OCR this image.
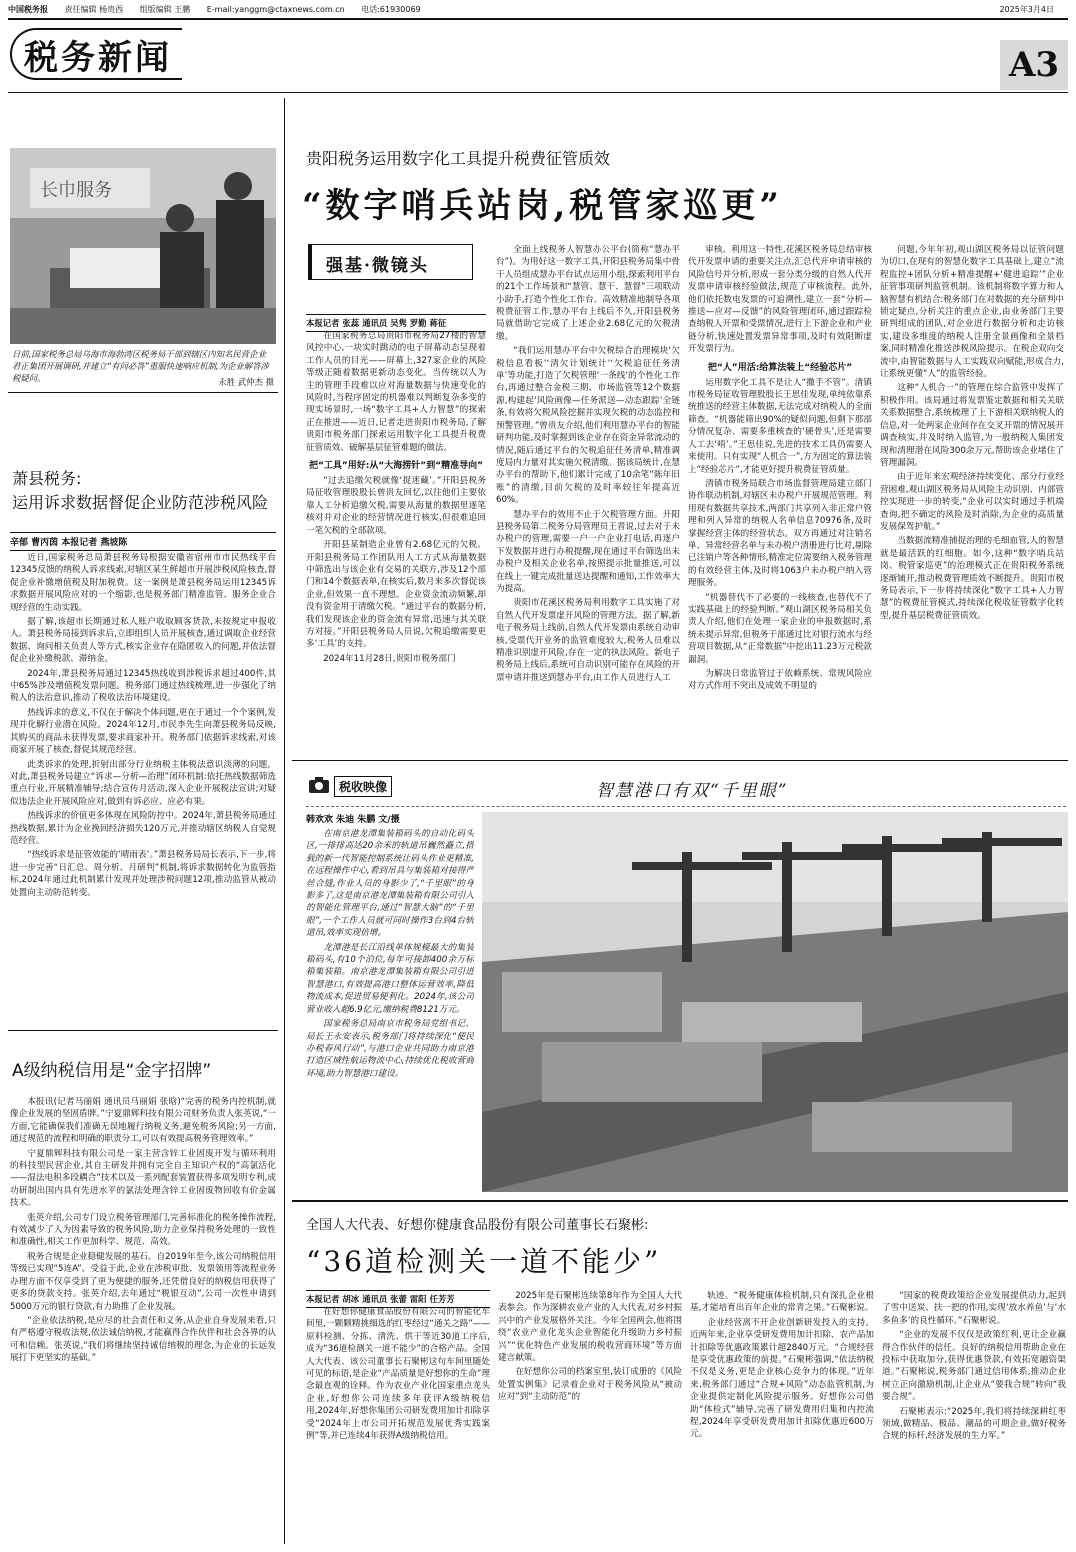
中国税务报 责任编辑 杨贵西 组版编辑 王鹏 E-mail:yanggm@ctaxnews.com.cn 电话:61930069	2025年3月4日
税务新闻	A3
长巾服务
日前,国家税务总局乌海市海勃湾区税务局干部到辖区内知名民营企业君正集团开展调研,并建立“有问必答”重服快速响应机制,为企业解答涉税疑问。	永胜 武仲杰 摄
萧县税务:
运用诉求数据督促企业防范涉税风险
辛郁 曹丙茵 本报记者 燕坡陈

近日,国家税务总局萧县税务局根据安徽省宿州市市民热线平台12345反馈的纳税人诉求线索,对辖区某生鲜超市开展涉税风险核查,督促企业补缴增值税及附加税费。这一案例是萧县税务局运用12345诉求数据开展风险应对的一个缩影,也是税务部门精准监管、服务企业合规经营的生动实践。

据了解,该超市长期通过私人账户收取顾客货款,未按规定申报收入。萧县税务局接到诉求后,立即组织人员开展核查,通过调取企业经营数据、询问相关负责人等方式,核实企业存在隐匿收入的问题,并依法督促企业补缴税款、滞纳金。

2024年,萧县税务局通过12345热线收到涉税诉求超过400件,其中65%涉及增值税发票问题。税务部门通过热线梳理,进一步强化了纳税人的法治意识,推动了税收法治环境建设。

热线诉求的意义,不仅在于解决个体问题,更在于通过一个个案例,发现并化解行业潜在风险。2024年12月,市民李先生向萧县税务局反映,其购买的商品未获得发票,要求商家补开。税务部门依据诉求线索,对该商家开展了核查,督促其规范经营。

此类诉求的处理,折射出部分行业纳税主体税法意识淡薄的问题。对此,萧县税务局建立“诉求—分析—治理”闭环机制:依托热线数据筛选重点行业,开展精准辅导;结合宣传月活动,深入企业开展税法宣讲;对疑似违法企业开展风险应对,做到有诉必应、应必有果。

热线诉求的价值更多体现在风险防控中。2024年,萧县税务局通过热线数据,累计为企业挽回经济损失120万元,并推动辖区纳税人自觉规范经营。

“热线诉求是征管效能的‘晴雨表’。”萧县税务局局长表示,下一步,将进一步完善“日汇总、周分析、月研判”机制,将诉求数据转化为监管指标,2024年通过此机制累计发现并处理涉税问题12项,推动监管从被动处置向主动防范转变。

A级纳税信用是“金字招牌”

本报讯(记者马丽娟 通讯员马丽娟 张晗)“完善的税务内控机制,就像企业发展的坚固盾牌。”宁夏鼎辉科技有限公司财务负责人张英说,“一方面,它能确保我们准确无误地履行纳税义务,避免税务风险;另一方面,通过规范的流程和明确的职责分工,可以有效提高税务管理效率。”

宁夏鼎辉科技有限公司是一家主营含锌工业固废开发与循环利用的科技型民营企业,其自主研发并拥有完全自主知识产权的“高氯活化——湿法电积多段耦合”技术以及一系列配套装置获得多项发明专利,成功研制出国内具有先进水平的氯法处理含锌工业固废物回收有价金属技术。

张英介绍,公司专门设立税务管理部门,完善标准化的税务操作流程,有效减少了人为因素导致的税务风险,助力企业保持税务处理的一致性和准确性,相关工作更加科学、规范、高效。

税务合规是企业稳健发展的基石。自2019年至今,该公司纳税信用等级已实现“5连A”。受益于此,企业在涉税审批、发票领用等流程业务办理方面不仅享受到了更为便捷的服务,还凭借良好的纳税信用获得了更多的贷款支持。张英介绍,去年通过“税银互动”,公司一次性申请到5000万元的银行贷款,有力助推了企业发展。

“企业依法纳税,是应尽的社会责任和义务,从企业自身发展来看,只有严格遵守税收法规,依法诚信纳税,才能赢得合作伙伴和社会各界的认可和信赖。张英说,“我们将继续坚持诚信纳税的理念,为企业的长远发展打下更坚实的基础。”

贵阳税务运用数字化工具提升税费征管质效
“数字哨兵站岗,税管家巡更”
强基·微镜头
本报记者 张蕊 通讯员 吴隽 罗勤 蒋征

在国家税务总局贵阳市税务局27楼的智慧风控中心,一块实时跳动的电子屏幕动态呈现着工作人员的目光——屏幕上,327家企业的风险等级正随着数据更新动态变化。当传统以人为主的管理手段难以应对海量数据与快速变化的风险时,当程序固定的机器难以判断复杂多变的现实场景时,一场“数字工具+人力智慧”的探索正在推进——近日,记者走进贵阳市税务局,了解贵阳市税务部门探索运用数字化工具提升税费征管质效、破解基层征管难题的做法。

把“工具”用好:从“大海捞针”到“精准导向”

“过去追缴欠税就像‘捉迷藏’。”开阳县税务局征收管理股股长曾贵友回忆,以往他们主要依靠人工分析追缴欠税,需要从海量的数据里逐笔核对并对企业的经营情况进行核实,但很难追回一笔欠税的全部款项。

开阳县某制造企业曾有2.68亿元的欠税。开阳县税务局工作团队用人工方式从海量数据中筛选出与该企业有交易的关联方,涉及12个部门和14个数据表单,在核实后,数月来多次督促该企业,但效果一直不理想。企业资金流动频繁,却没有资金用于清缴欠税。“通过平台的数据分析,我们发现该企业的资金流有异常,迅速与其关联方对接。”开阳县税务局人员说,欠税追缴需要更多‘工具’的支持。

2024年11月28日,贵阳市税务部门

全面上线税务人智慧办公平台(简称“慧办平台”)。为用好这一数字工具,开阳县税务局集中骨干人员组成慧办平台试点运用小组,探索利用平台的21个工作场景和“慧管、慧干、慧督”三项联动小助手,打造个性化工作台。高效精准地制导各项税费征管工作,慧办平台上线后不久,开阳县税务局就借助它完成了上述企业2.68亿元的欠税清缴。

“我们运用慧办平台中欠税综合治理模块‘欠税信息看板’‘清欠计划统计’‘欠税追征任务清单’等功能,打造了欠税管理‘一条线’的个性化工作台,再通过整合金税三期、市场监管等12个数据源,构建起‘风险画像—任务派送—动态跟踪’全链条,有效将欠税风险挖掘并实现欠税的动态监控和预警管理。”曾贵友介绍,他们利用慧办平台的智能研判功能,及时掌握到该企业存在资金异常流动的情况,随后通过平台的欠税追征任务清单,精准调度局内力量对其实施欠税清缴。据该局统计,在慧办平台的帮助下,他们累计完成了10余笔“陈年旧账”的清缴,目前欠税的及时率较往年提高近60%。

慧办平台的效用不止于欠税管理方面。开阳县税务局第二税务分局管理员王晋说,过去对于未办税户的管理,需要一户一户企业打电话,再逐户下发数据并进行办税提醒,现在通过平台筛选出未办税户及相关企业名单,按照提示批量推送,可以在线上一键完成批量送达提醒和通知,工作效率大为提高。

贵阳市花溪区税务局利用数字工具实施了对自然人代开发票虚开风险的管理方法。据了解,新电子税务局上线前,自然人代开发票由系统自动审核,受票代开业务的监管难度较大,税务人员难以精准识别虚开风险,存在一定的执法风险。新电子税务局上线后,系统可自动识别可能存在风险的开票申请并推送到慧办平台,由工作人员进行人工

审核。利用这一特性,花溪区税务局总结审核代开发票申请的重要关注点,汇总代开申请审核的风险信号并分析,形成一套分类分级的自然人代开发票申请审核经验做法,规范了审核流程。此外,他们依托数电发票的可追溯性,建立一套“分析—推送—应对—反馈”的风险管理闭环,通过跟踪检查纳税人开票和受票情况,进行上下游企业和产业链分析,快速处置发票异常事项,及时有效阻断虚开发票行为。

把“人”用活:给算法装上“经验芯片”

运用数字化工具不是让人“撒手不管”。清镇市税务局征收管理股股长王思佳发现,单纯依靠系统推送的经营主体数据,无法完成对纳税人的全面筛查。“机器能筛出90%的疑似问题,但剩下那部分情况复杂、需要多重核查的‘硬骨头’,还是需要人工去‘啃’。”王思佳说,先进的技术工具仍需要人来使用。只有实现“人机合一”,方为固定的算法装上“经验芯片”,才能更好提升税费征管质量。

清镇市税务局联合市场监督管理局建立部门协作联动机制,对辖区未办税户开展规范管理。利用现有数据共享技术,两部门共享列入非正常户管理和列入异常的纳税人名单信息70976条,及时掌握经营主体的经营状态。双方再通过对注销名单、异常经营名单与未办税户清册进行比对,剔除已注销户等各种情形,精准定位需要纳入税务管理的有效经营主体,及时将1063户未办税户纳入管理服务。

“机器替代不了必要的一线核查,也替代不了实践基础上的经验判断。”观山湖区税务局相关负责人介绍,他们在处理一家企业的申报数据时,系统未提示异常,但税务干部通过比对银行流水与经营项目数据,从“正常数据”中挖出11.23万元税款漏洞。

为解决日常监管过于依赖系统、常规风险应对方式作用不突出及成效不明显的

问题,今年年初,观山湖区税务局以征管问题为切口,在现有的智慧化数字工具基础上,建立“流程监控+团队分析+精准提醒+‘健进追踪’”企业征管事项研判监管机制。该机制将数字算力和人脑智慧有机结合:税务部门在对数据的充分研判中锁定疑点,分析关注的重点企业,由业务部门主要研判组成的团队,对企业进行数据分析和走访核实,建设多维度的纳税人注册全景画像和全景档案,同时精准化推送涉税风险提示。在税企双向交流中,由智能数据与人工实践双向赋能,形成合力,让系统更懂“人”的监管经验。

这种“人机合一”的管理在综合监管中发挥了积极作用。该局通过将发票鉴定数据和相关关联关系数据整合,系统梳理了上下游相关联纳税人的信息,对一处两家企业间存在交叉开票的情况展开调查核实,并及时纳入监管,为一般纳税人集团发现和清理潜在风险300余万元,帮助该企业堵住了管理漏洞。

由于近年来宏观经济持续变化、部分行业经营困难,观山湖区税务局从风险主动识别、内部管控实现进一步的转变,“企业可以实时通过手机端查询,把不确定的风险及时消除,为企业的高质量发展保驾护航。”

当数据流精准捕捉治理的毛细血管,人的智慧就是最活跃的红细胞。如今,这种“数字哨兵站岗、税管家巡更”的治理模式正在贵阳税务系统逐渐铺开,推动税费管理质效不断提升。贵阳市税务局表示,下一步将持续深化“数字工具+人力智慧”的税费征管模式,持续深化税收征管数字化转型,提升基层税费征管质效。

税收映像	智慧港口有双“千里眼”
韩欢欢 朱迪 朱鹏 文/摄

在南京港龙潭集装箱码头的自动化码头区,一排排高达20余米的轨道吊巍然矗立,搭载的新一代智能控制系统让码头作业更精准,在远程操作中心,看到吊具与集装箱对接得严丝合缝,作业人员的身影少了,“千里眼”的身影多了,这是南京港龙潭集装箱有限公司引入的智能化管理平台,通过“智慧大脑”的“千里眼”,一个工作人员就可同时操作3台到4台轨道吊,效率实现倍增。

龙潭港是长江沿线单体规模最大的集装箱码头,有10个泊位,每年可接卸400余万标箱集装箱。南京港龙潭集装箱有限公司引进智慧港口,有效提高港口整体运营效率,降低物流成本,促进贸易便利化。2024年,该公司营业收入超6.9亿元,缴纳税费8121万元。

国家税务总局南京市税务局党组书记、局长王永安表示,税务部门将持续深化“便民办税春风行动”,与港口企业共同助力南京港打造区域性航运物流中心,持续优化税收营商环境,助力智慧港口建设。

全国人大代表、好想你健康食品股份有限公司董事长石聚彬:
“36道检测关一道不能少”
本报记者 胡冰 通讯员 张蕾 雷阳 任芳芳

在好想你健康食品股份有限公司的智能化车间里,一颗颗精挑细选的红枣经过“通关之路”——原料检测、分拣、清洗、烘干等近30道工序后,成为“36道检测关一道不能少”的合格产品。全国人大代表、该公司董事长石聚彬这句车间里随处可见的标语,是企业“产品质量是好想你的生命”理念最直观的诠释。作为农业产业化国家重点龙头企业,好想你公司连续多年获评A级纳税信用,2024年,好想你集团公司研发费用加计扣除享受“2024年上市公司开拓规范发展优秀实践案例”等,并已连续4年获得A级纳税信用。

2025年是石聚彬连续第8年作为全国人大代表参会。作为深耕农业产业的人大代表,对乡村振兴中的产业发展格外关注。今年全国两会,他将围绕“农业产业化龙头企业智能化升级助力乡村振兴”“优化特色产业发展的税收营商环境”等方面建言献策。

在好想你公司的档案室里,装订成册的《风险处置实例集》记录着企业对于税务风险从“被动应对”到“主动防范”的

轨迹。“税务健康体检机制,只有深扎企业根基,才能培育出百年企业的常青之果。”石聚彬说。

企业经营离不开企业创新研发投入的支持。近两年来,企业享受研发费用加计扣除、农产品加计扣除等优惠政策累计超2840万元。“合规经营是享受优惠政策的前提。”石聚彬强调,“依法纳税不仅是义务,更是企业核心竞争力的体现。”近年来,税务部门通过“合规+风险”动态监管机制,为企业提供定制化风险提示服务。好想你公司借助“体检式”辅导,完善了研发费用归集和内控流程,2024年享受研发费用加计扣除优惠近600万元。

“国家的税费政策给企业发展提供动力,起到了雪中送炭、扶一把的作用,实现‘放水养鱼’与‘水多鱼多’的良性循环。”石聚彬说。

“企业的发展不仅仅是政策红利,更让企业赢得合作伙伴的信任。良好的纳税信用帮助企业在投标中获取加分,获得优惠贷款,有效拓宽融资渠道。”石聚彬说,税务部门通过信用体系,推动企业树立正向激励机制,让企业从“要我合规”转向“我要合规”。

石聚彬表示:“2025年,我们将持续深耕红枣领域,做精品、极品、潮品的可期企业,做好税务合规的标杆,经济发展的生力军。”
